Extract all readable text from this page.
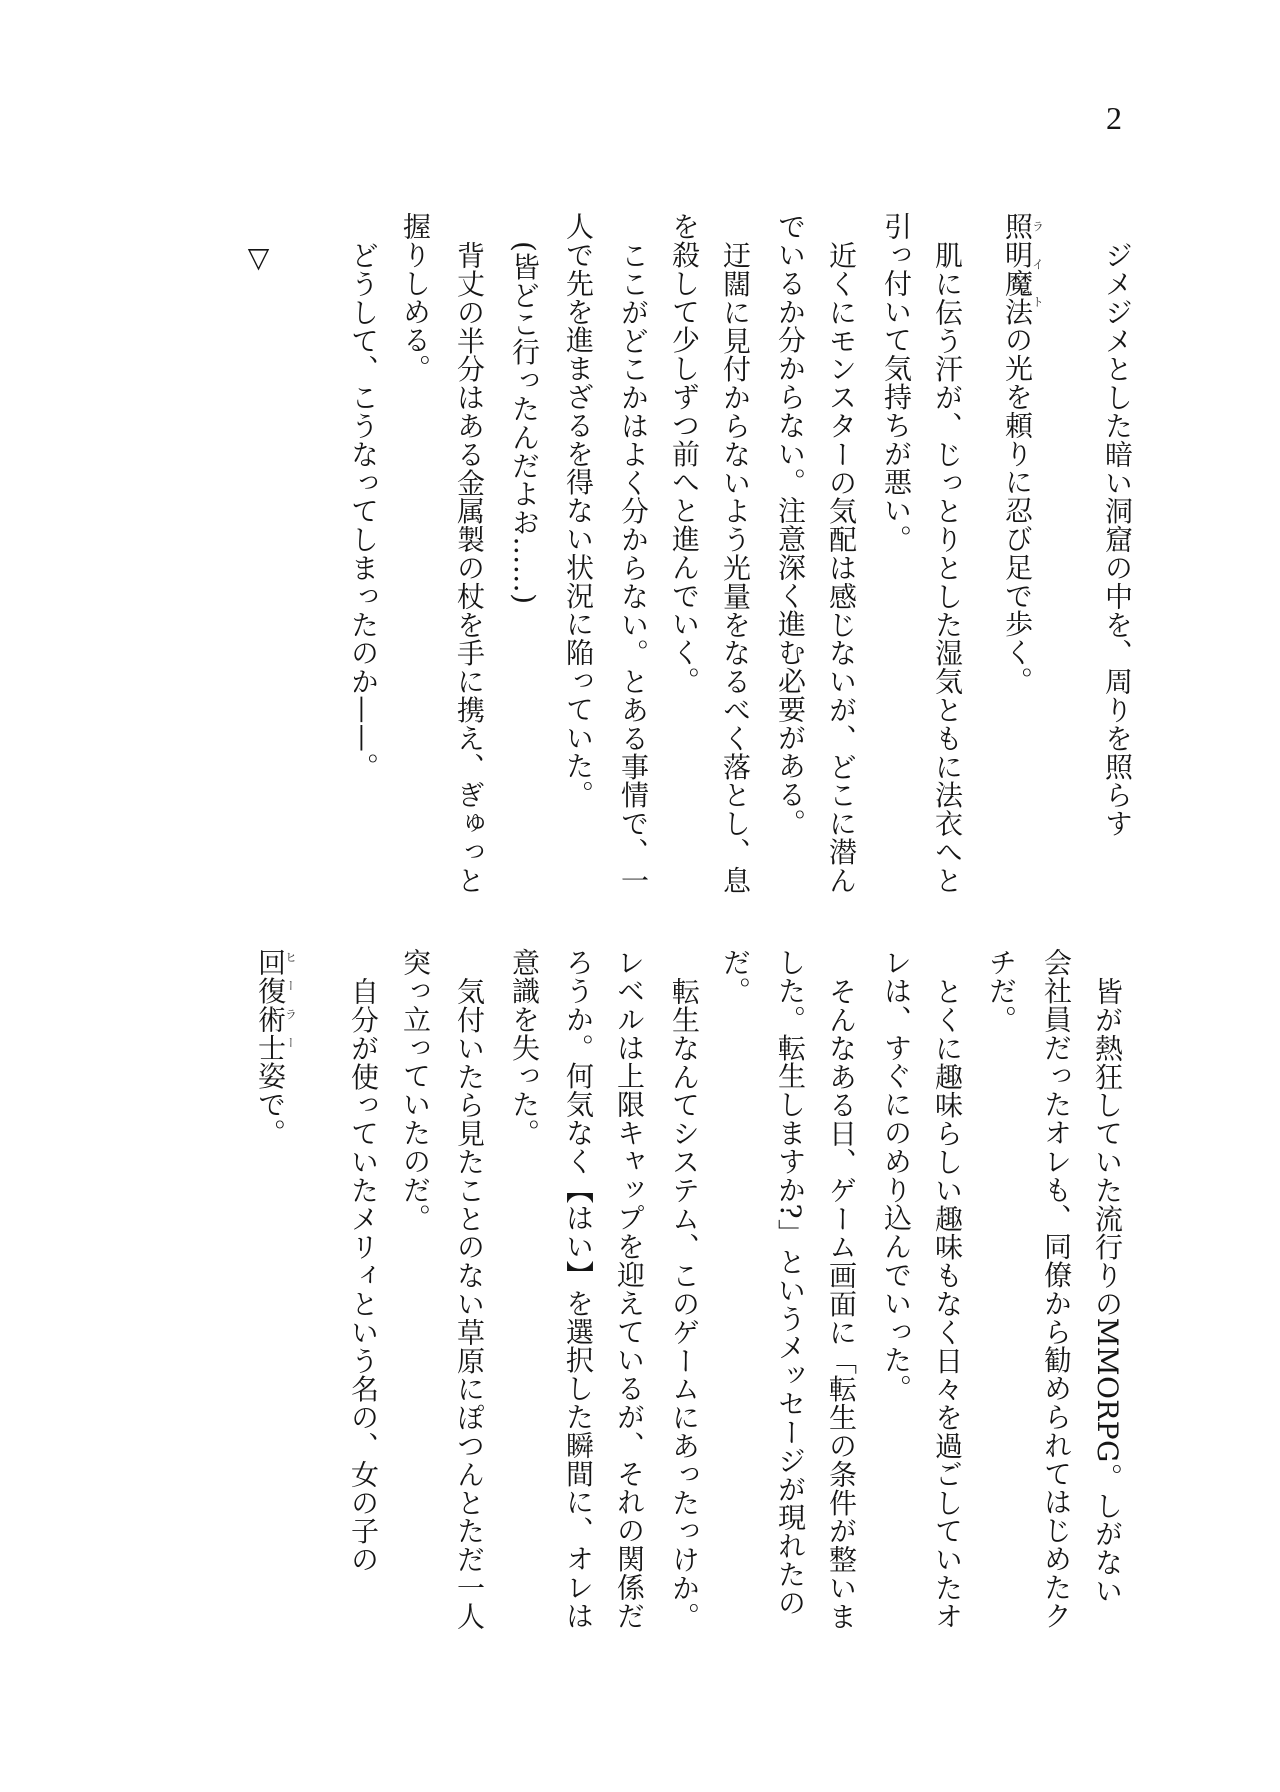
2
ジメジメとした暗い洞窟の中を、周りを照らす
照明魔法ライトの光を頼りに忍び足で歩く。
肌に伝う汗が、じっとりとした湿気ともに法衣へと
引っ付いて気持ちが悪い。
近くにモンスターの気配は感じないが、どこに潜ん
でいるか分からない。注意深く進む必要がある。
迂闊に見付からないよう光量をなるべく落とし、息
を殺して少しずつ前へと進んでいく。
ここがどこかはよく分からない。とある事情で、一
人で先を進まざるを得ない状況に陥っていた。
(皆どこ行ったんだよお……)
背丈の半分はある金属製の杖を手に携え、ぎゅっと
握りしめる。
どうして、こうなってしまったのか——。
▽
皆が熱狂していた流行りのMMORPG。しがない
会社員だったオレも、同僚から勧められてはじめたク
チだ。
とくに趣味らしい趣味もなく日々を過ごしていたオ
レは、すぐにのめり込んでいった。
そんなある日、ゲーム画面に「転生の条件が整いま
した。転生しますか?」というメッセージが現れたの
だ。
転生なんてシステム、このゲームにあったっけか。
レベルは上限キャップを迎えているが、それの関係だ
ろうか。何気なく【はい】を選択した瞬間に、オレは
意識を失った。
気付いたら見たことのない草原にぽつんとただ一人
突っ立っていたのだ。
自分が使っていたメリィという名の、女の子の
回復術士ヒーラー姿で。
